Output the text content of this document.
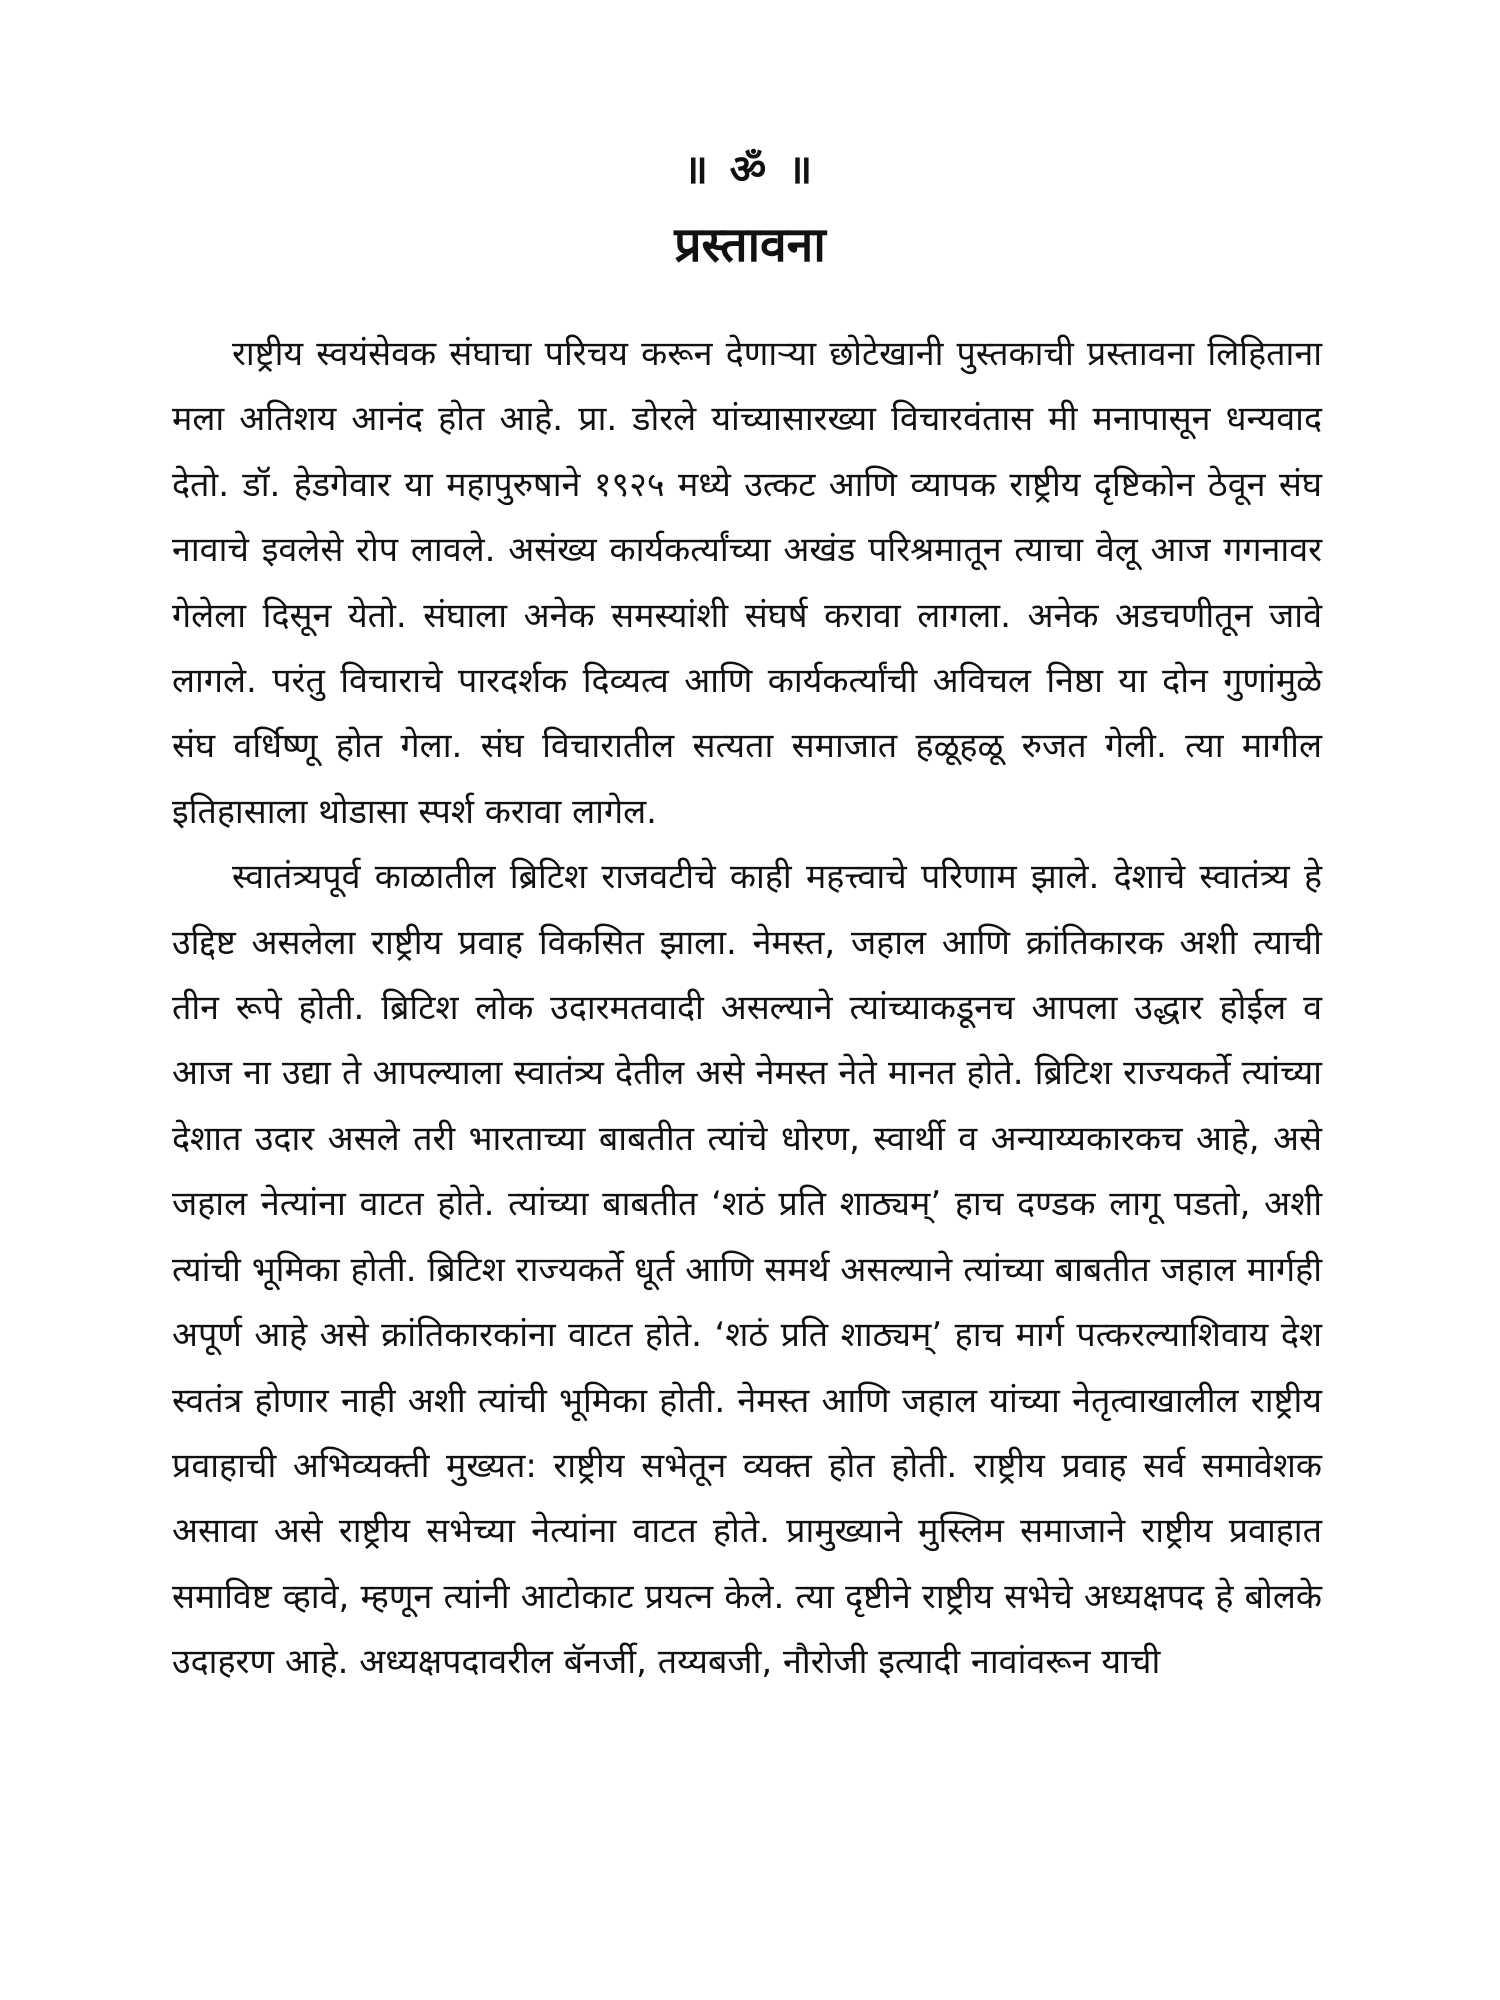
॥ ॐ ॥
प्रस्तावना

राष्ट्रीय स्वयंसेवक संघाचा परिचय करून देणाऱ्या छोटेखानी पुस्तकाची प्रस्तावना लिहिताना मला अतिशय आनंद होत आहे. प्रा. डोरले यांच्यासारख्या विचारवंतास मी मनापासून धन्यवाद देतो. डॉ. हेडगेवार या महापुरुषाने १९२५ मध्ये उत्कट आणि व्यापक राष्ट्रीय दृष्टिकोन ठेवून संघ नावाचे इवलेसे रोप लावले. असंख्य कार्यकर्त्यांच्या अखंड परिश्रमातून त्याचा वेलू आज गगनावर गेलेला दिसून येतो. संघाला अनेक समस्यांशी संघर्ष करावा लागला. अनेक अडचणीतून जावे लागले. परंतु विचाराचे पारदर्शक दिव्यत्व आणि कार्यकर्त्यांची अविचल निष्ठा या दोन गुणांमुळे संघ वर्धिष्णू होत गेला. संघ विचारातील सत्यता समाजात हळूहळू रुजत गेली. त्या मागील इतिहासाला थोडासा स्पर्श करावा लागेल.

स्वातंत्र्यपूर्व काळातील ब्रिटिश राजवटीचे काही महत्त्वाचे परिणाम झाले. देशाचे स्वातंत्र्य हे उद्दिष्ट असलेला राष्ट्रीय प्रवाह विकसित झाला. नेमस्त, जहाल आणि क्रांतिकारक अशी त्याची तीन रूपे होती. ब्रिटिश लोक उदारमतवादी असल्याने त्यांच्याकडूनच आपला उद्धार होईल व आज ना उद्या ते आपल्याला स्वातंत्र्य देतील असे नेमस्त नेते मानत होते. ब्रिटिश राज्यकर्ते त्यांच्या देशात उदार असले तरी भारताच्या बाबतीत त्यांचे धोरण, स्वार्थी व अन्याय्यकारकच आहे, असे जहाल नेत्यांना वाटत होते. त्यांच्या बाबतीत ‘शठं प्रति शाठ्यम्’ हाच दण्डक लागू पडतो, अशी त्यांची भूमिका होती. ब्रिटिश राज्यकर्ते धूर्त आणि समर्थ असल्याने त्यांच्या बाबतीत जहाल मार्गही अपूर्ण आहे असे क्रांतिकारकांना वाटत होते. ‘शठं प्रति शाठ्यम्’ हाच मार्ग पत्करल्याशिवाय देश स्वतंत्र होणार नाही अशी त्यांची भूमिका होती. नेमस्त आणि जहाल यांच्या नेतृत्वाखालील राष्ट्रीय प्रवाहाची अभिव्यक्ती मुख्यत: राष्ट्रीय सभेतून व्यक्त होत होती. राष्ट्रीय प्रवाह सर्व समावेशक असावा असे राष्ट्रीय सभेच्या नेत्यांना वाटत होते. प्रामुख्याने मुस्लिम समाजाने राष्ट्रीय प्रवाहात समाविष्ट व्हावे, म्हणून त्यांनी आटोकाट प्रयत्न केले. त्या दृष्टीने राष्ट्रीय सभेचे अध्यक्षपद हे बोलके उदाहरण आहे. अध्यक्षपदावरील बॅनर्जी, तय्यबजी, नौरोजी इत्यादी नावांवरून याची
